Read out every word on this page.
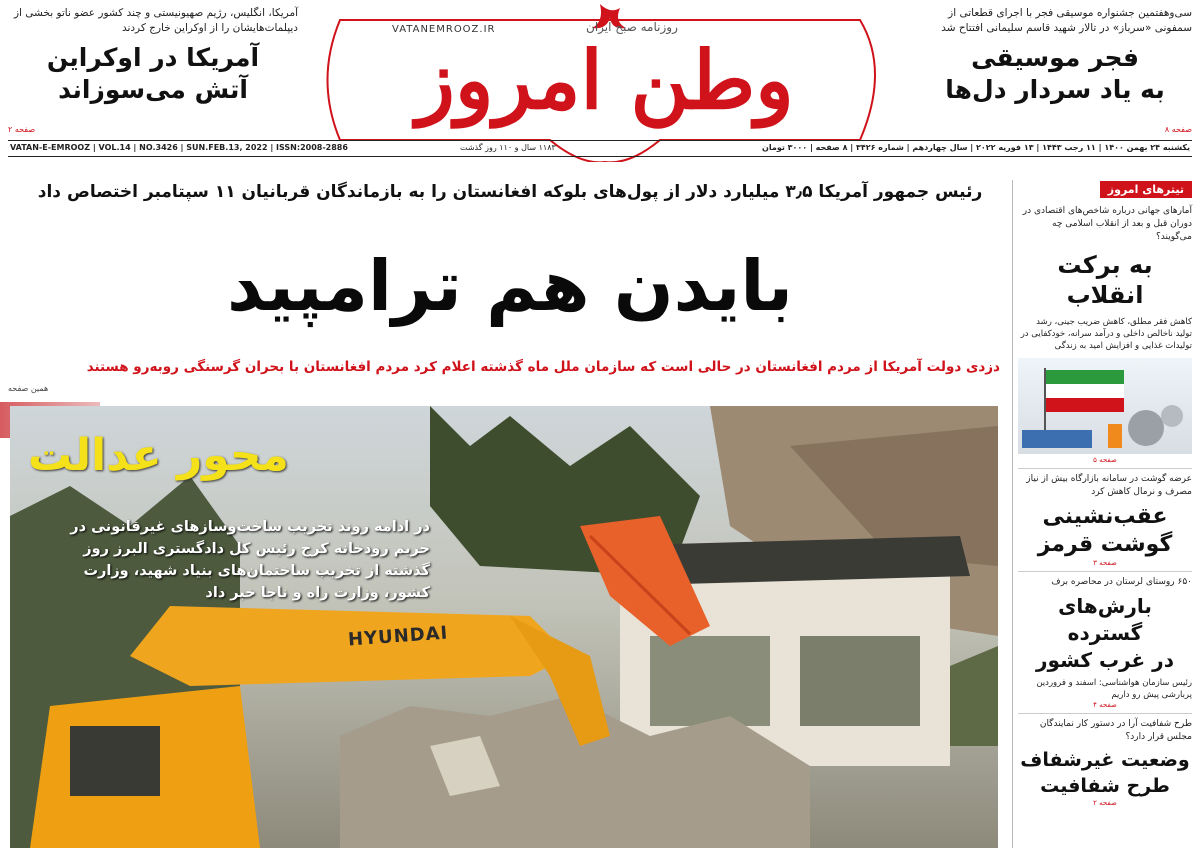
آمریکا، انگلیس، رژیم صهیونیستی و چند کشور عضو ناتو بخشی از دیپلمات‌هایشان را از اوکراین خارج کردند
آمریکا در اوکراین
آتش می‌سوزاند
صفحه ۲
VATANEMROOZ.IR	روزنامه صبح ایران
وطن امروز
سی‌وهفتمین جشنواره موسیقی فجر با اجرای قطعاتی از سمفونی «سرباز» در تالار شهید قاسم سلیمانی افتتاح شد
فجر موسیقی
به یاد سردار دل‌ها
صفحه ۸
VATAN-E-EMROOZ | VOL.14 | NO.3426 | SUN.FEB.13, 2022 | ISSN:2008-2886	۱۱۸۳ سال و ۱۱۰ روز گذشت	یکشنبه ۲۴ بهمن ۱۴۰۰ | ۱۱ رجب ۱۴۴۳ | ۱۳ فوریه ۲۰۲۲ | سال چهاردهم | شماره ۳۴۲۶ | ۸ صفحه | ۳۰۰۰ تومان
رئیس جمهور آمریکا ۳٫۵ میلیارد دلار از پول‌های بلوکه افغانستان را به بازماندگان قربانیان ۱۱ سپتامبر اختصاص داد
بایدن هم ترامپید
دزدی دولت آمریکا از مردم افغانستان در حالی است که سازمان ملل ماه گذشته اعلام کرد مردم افغانستان با بحران گرسنگی روبه‌رو هستند
همین صفحه
HYUNDAI
محور عدالت
در ادامه روند تخریب ساخت‌وسازهای غیرقانونی در حریم رودخانه کرج رئیس کل دادگستری البرز روز گذشته از تخریب ساختمان‌های بنیاد شهید، وزارت کشور، وزارت راه و ناجا خبر داد
تیترهای امروز
آمارهای جهانی درباره شاخص‌های اقتصادی در دوران قبل و بعد از انقلاب اسلامی چه می‌گویند؟
به برکت
انقلاب
کاهش فقر مطلق، کاهش ضریب جینی، رشد تولید ناخالص داخلی و درآمد سرانه، خودکفایی در تولیدات غذایی و افزایش امید به زندگی
صفحه ۵
عرضه گوشت در سامانه بازارگاه بیش از نیاز مصرف و نرمال کاهش کرد
عقب‌نشینی
گوشت قرمز
صفحه ۳
۶۵۰ روستای لرستان در محاصره برف
بارش‌های گسترده
در غرب کشور
رئیس سازمان هواشناسی: اسفند و فروردین پربارشی پیش رو داریم
صفحه ۴
طرح شفافیت آرا در دستور کار نمایندگان مجلس قرار دارد؟
وضعیت غیرشفاف
طرح شفافیت
صفحه ۲
